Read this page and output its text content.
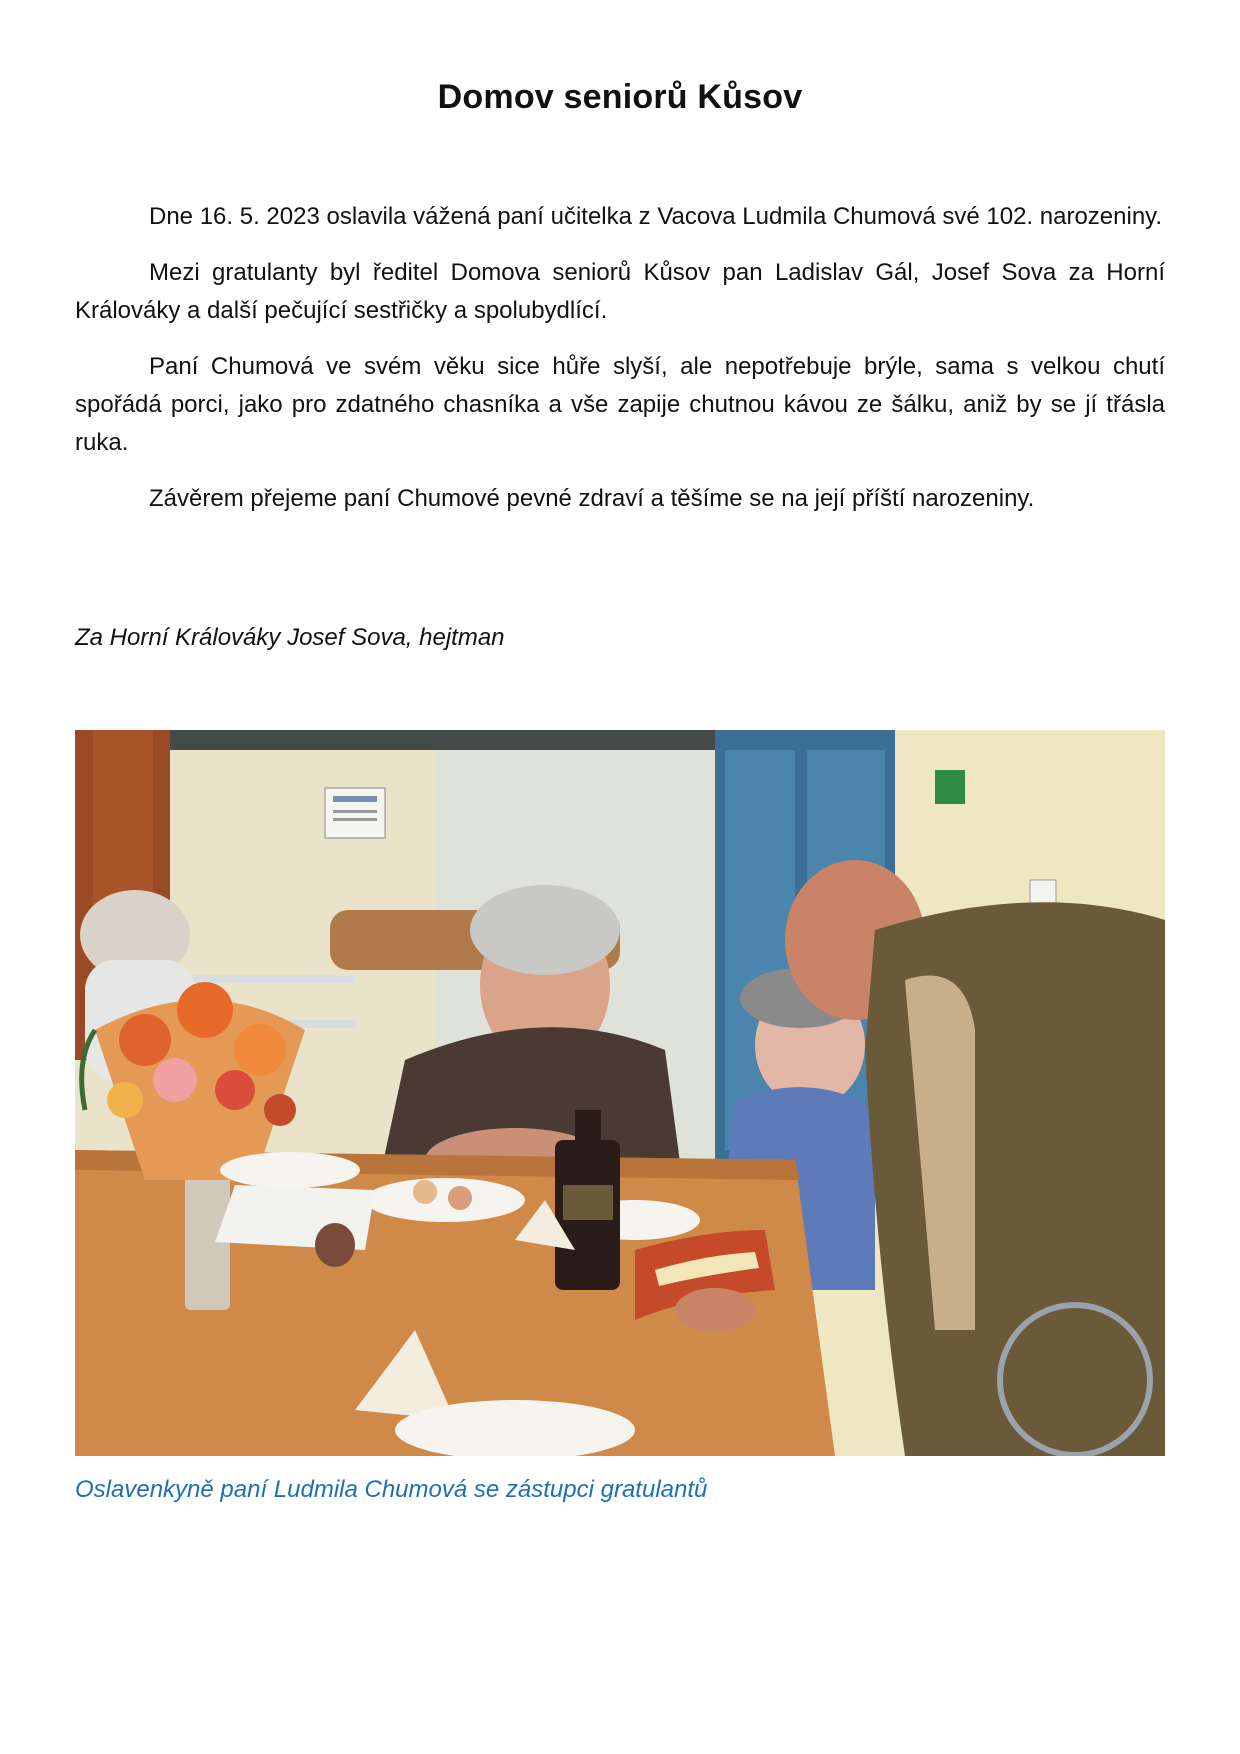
Domov seniorů Kůsov

Dne 16. 5. 2023 oslavila vážená paní učitelka z Vacova Ludmila Chumová své 102. narozeniny.

Mezi gratulanty byl ředitel Domova seniorů Kůsov pan Ladislav Gál, Josef Sova za Horní Králováky a další pečující sestřičky a spolubydlící.

Paní Chumová ve svém věku sice hůře slyší, ale nepotřebuje brýle, sama s velkou chutí spořádá porci, jako pro zdatného chasníka a vše zapije chutnou kávou ze šálku, aniž by se jí třásla ruka.

Závěrem přejeme paní Chumové pevné zdraví a těšíme se na její příští narozeniny.

Za Horní Králováky Josef Sova, hejtman

Oslavenkyně paní Ludmila Chumová se zástupci gratulantů
